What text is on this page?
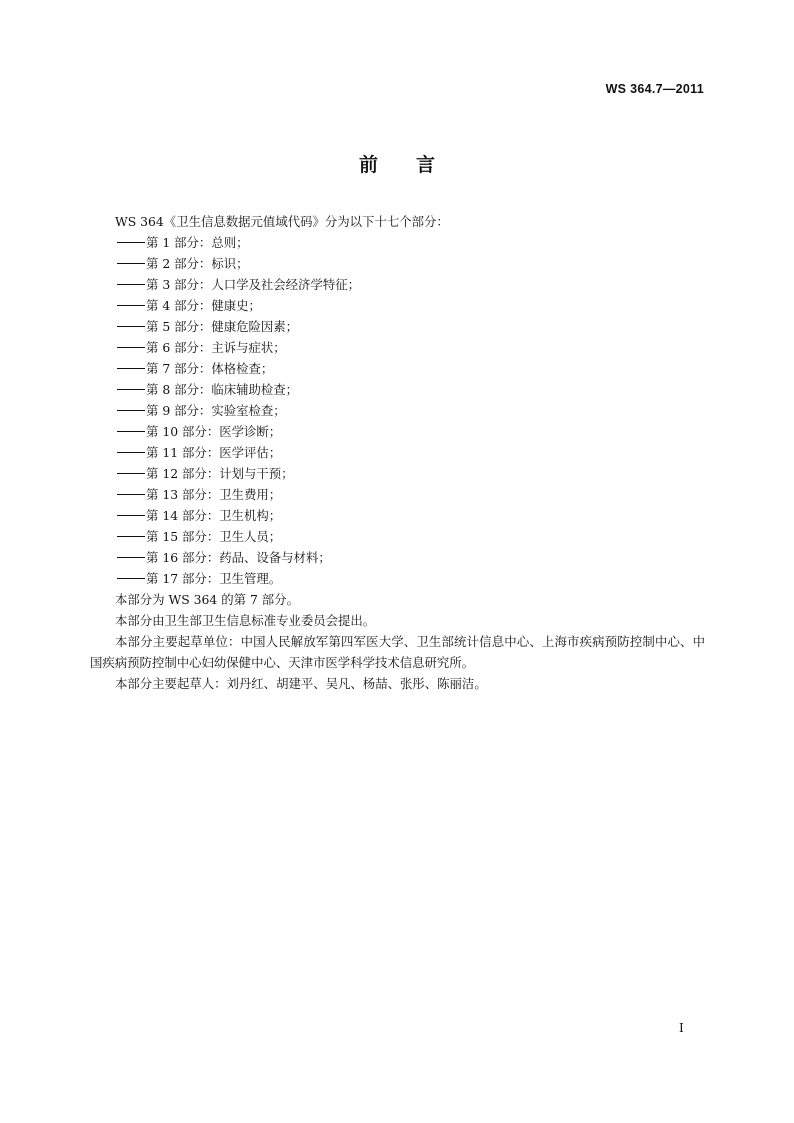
WS 364.7—2011
前 言

WS 364《卫生信息数据元值域代码》分为以下十七个部分：

第 1 部分：总则；
第 2 部分：标识；
第 3 部分：人口学及社会经济学特征；
第 4 部分：健康史；
第 5 部分：健康危险因素；
第 6 部分：主诉与症状；
第 7 部分：体格检查；
第 8 部分：临床辅助检查；
第 9 部分：实验室检查；
第 10 部分：医学诊断；
第 11 部分：医学评估；
第 12 部分：计划与干预；
第 13 部分：卫生费用；
第 14 部分：卫生机构；
第 15 部分：卫生人员；
第 16 部分：药品、设备与材料；
第 17 部分：卫生管理。

本部分为 WS 364 的第 7 部分。

本部分由卫生部卫生信息标准专业委员会提出。

本部分主要起草单位：中国人民解放军第四军医大学、卫生部统计信息中心、上海市疾病预防控制中心、中国疾病预防控制中心妇幼保健中心、天津市医学科学技术信息研究所。

本部分主要起草人：刘丹红、胡建平、吴凡、杨喆、张彤、陈丽洁。

I
